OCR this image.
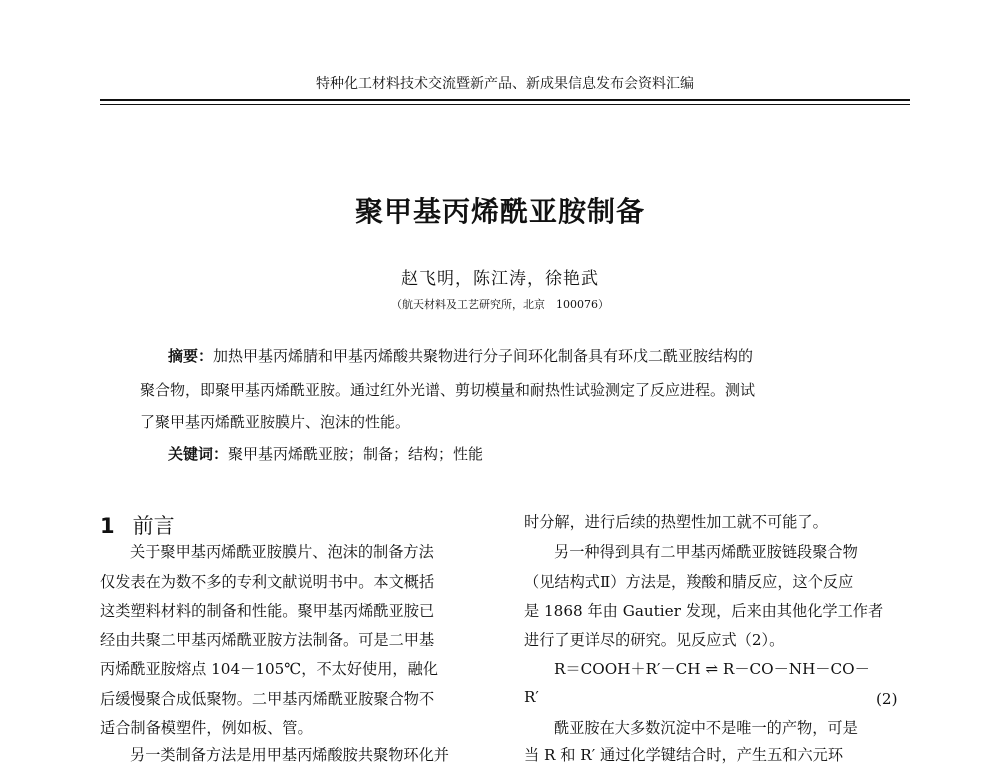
特种化工材料技术交流暨新产品、新成果信息发布会资料汇编
聚甲基丙烯酰亚胺制备
赵飞明，陈江涛，徐艳武
（航天材料及工艺研究所，北京　100076）
摘要：加热甲基丙烯腈和甲基丙烯酸共聚物进行分子间环化制备具有环戊二酰亚胺结构的
聚合物，即聚甲基丙烯酰亚胺。通过红外光谱、剪切模量和耐热性试验测定了反应进程。测试
了聚甲基丙烯酰亚胺膜片、泡沫的性能。
关键词：聚甲基丙烯酰亚胺；制备；结构；性能
1 前言
关于聚甲基丙烯酰亚胺膜片、泡沫的制备方法
仅发表在为数不多的专利文献说明书中。本文概括
这类塑料材料的制备和性能。聚甲基丙烯酰亚胺已
经由共聚二甲基丙烯酰亚胺方法制备。可是二甲基
丙烯酰亚胺熔点 104－105℃，不太好使用，融化
后缓慢聚合成低聚物。二甲基丙烯酰亚胺聚合物不
适合制备模塑件，例如板、管。
另一类制备方法是用甲基丙烯酸胺共聚物环化并
时分解，进行后续的热塑性加工就不可能了。
另一种得到具有二甲基丙烯酰亚胺链段聚合物
（见结构式Ⅱ）方法是，羧酸和腈反应，这个反应
是 1868 年由 Gautier 发现，后来由其他化学工作者
进行了更详尽的研究。见反应式（2）。
R＝COOH＋R′－CH ⇌ R－CO－NH－CO－
R′	(2)
酰亚胺在大多数沉淀中不是唯一的产物，可是
当 R 和 R′ 通过化学键结合时，产生五和六元环
